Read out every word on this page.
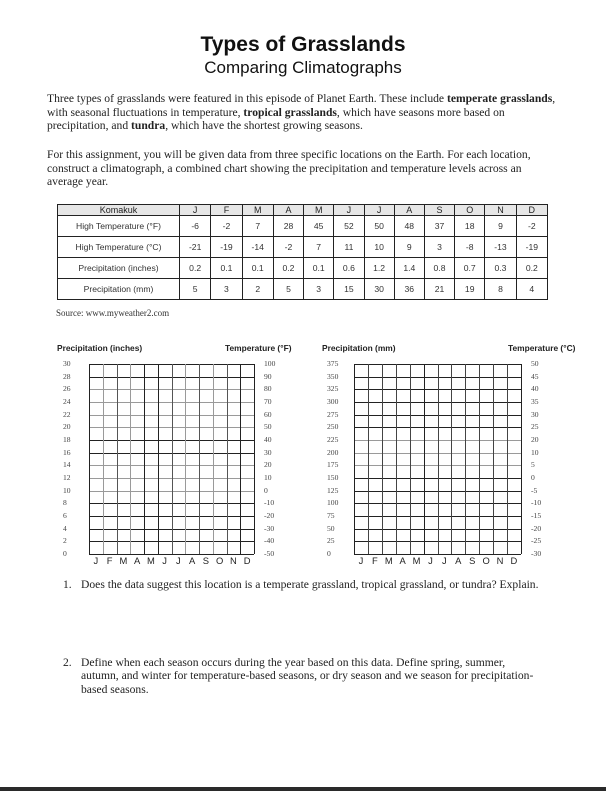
Types of Grasslands
Comparing Climatographs

Three types of grasslands were featured in this episode of Planet Earth. These include temperate grasslands, with seasonal fluctuations in temperature, tropical grasslands, which have seasons more based on precipitation, and tundra, which have the shortest growing seasons.

For this assignment, you will be given data from three specific locations on the Earth. For each location, construct a climatograph, a combined chart showing the precipitation and temperature levels across an average year.

Komakuk	J	F	M	A	M	J	J	A	S	O	N	D
High Temperature (°F)	-6	-2	7	28	45	52	50	48	37	18	9	-2
High Temperature (°C)	-21	-19	-14	-2	7	11	10	9	3	-8	-13	-19
Precipitation (inches)	0.2	0.1	0.1	0.2	0.1	0.6	1.2	1.4	0.8	0.7	0.3	0.2
Precipitation (mm)	5	3	2	5	3	15	30	36	21	19	8	4
Source: www.myweather2.com
Precipitation (inches)	Temperature (°F)
30	100
28	90
26	80
24	70
22	60
20	50
18	40
16	30
14	20
12	10
10	0
8	-10
6	-20
4	-30
2	-40
0	-50
J F M A M J J A S O N D
Precipitation (mm)	Temperature (°C)
375	50
350	45
325	40
300	35
275	30
250	25
225	20
200	10
175	5
150	0
125	-5
100	-10
75	-15
50	-20
25	-25
0	-30
J F M A M J J A S O N D
1. Does the data suggest this location is a temperate grassland, tropical grassland, or tundra? Explain.
2. Define when each season occurs during the year based on this data. Define spring, summer, autumn, and winter for temperature-based seasons, or dry season and we season for precipitation-based seasons.
